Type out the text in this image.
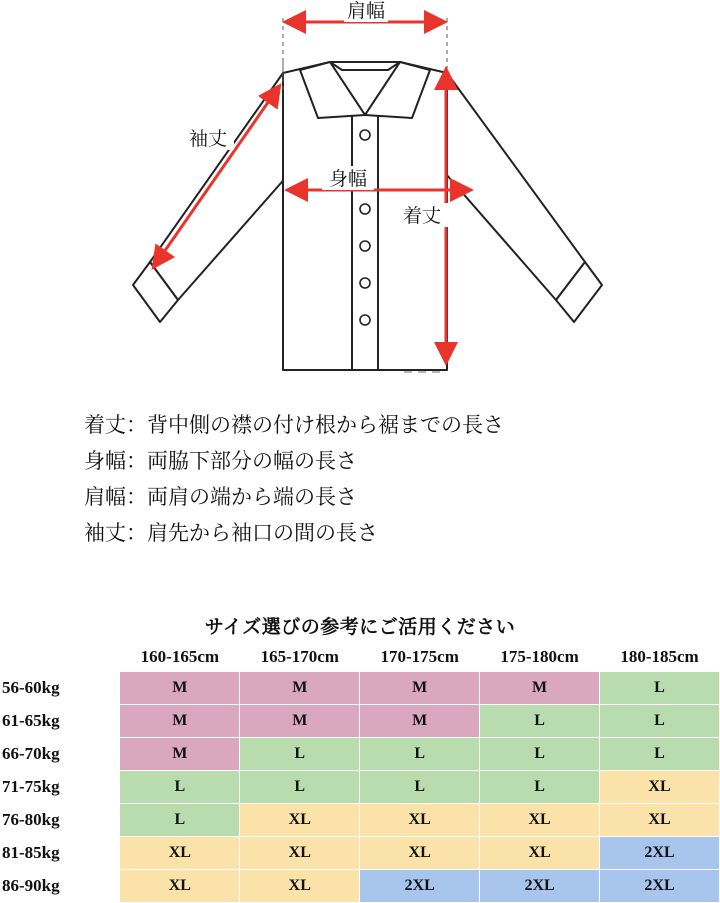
肩幅
袖丈
身幅
着丈
着丈：背中側の襟の付け根から裾までの長さ
身幅：両脇下部分の幅の長さ
肩幅：両肩の端から端の長さ
袖丈：肩先から袖口の間の長さ
サイズ選びの参考にご活用ください
	160-165cm	165-170cm	170-175cm	175-180cm	180-185cm
56-60kg	M	M	M	M	L
61-65kg	M	M	M	L	L
66-70kg	M	L	L	L	L
71-75kg	L	L	L	L	XL
76-80kg	L	XL	XL	XL	XL
81-85kg	XL	XL	XL	XL	2XL
86-90kg	XL	XL	2XL	2XL	2XL
